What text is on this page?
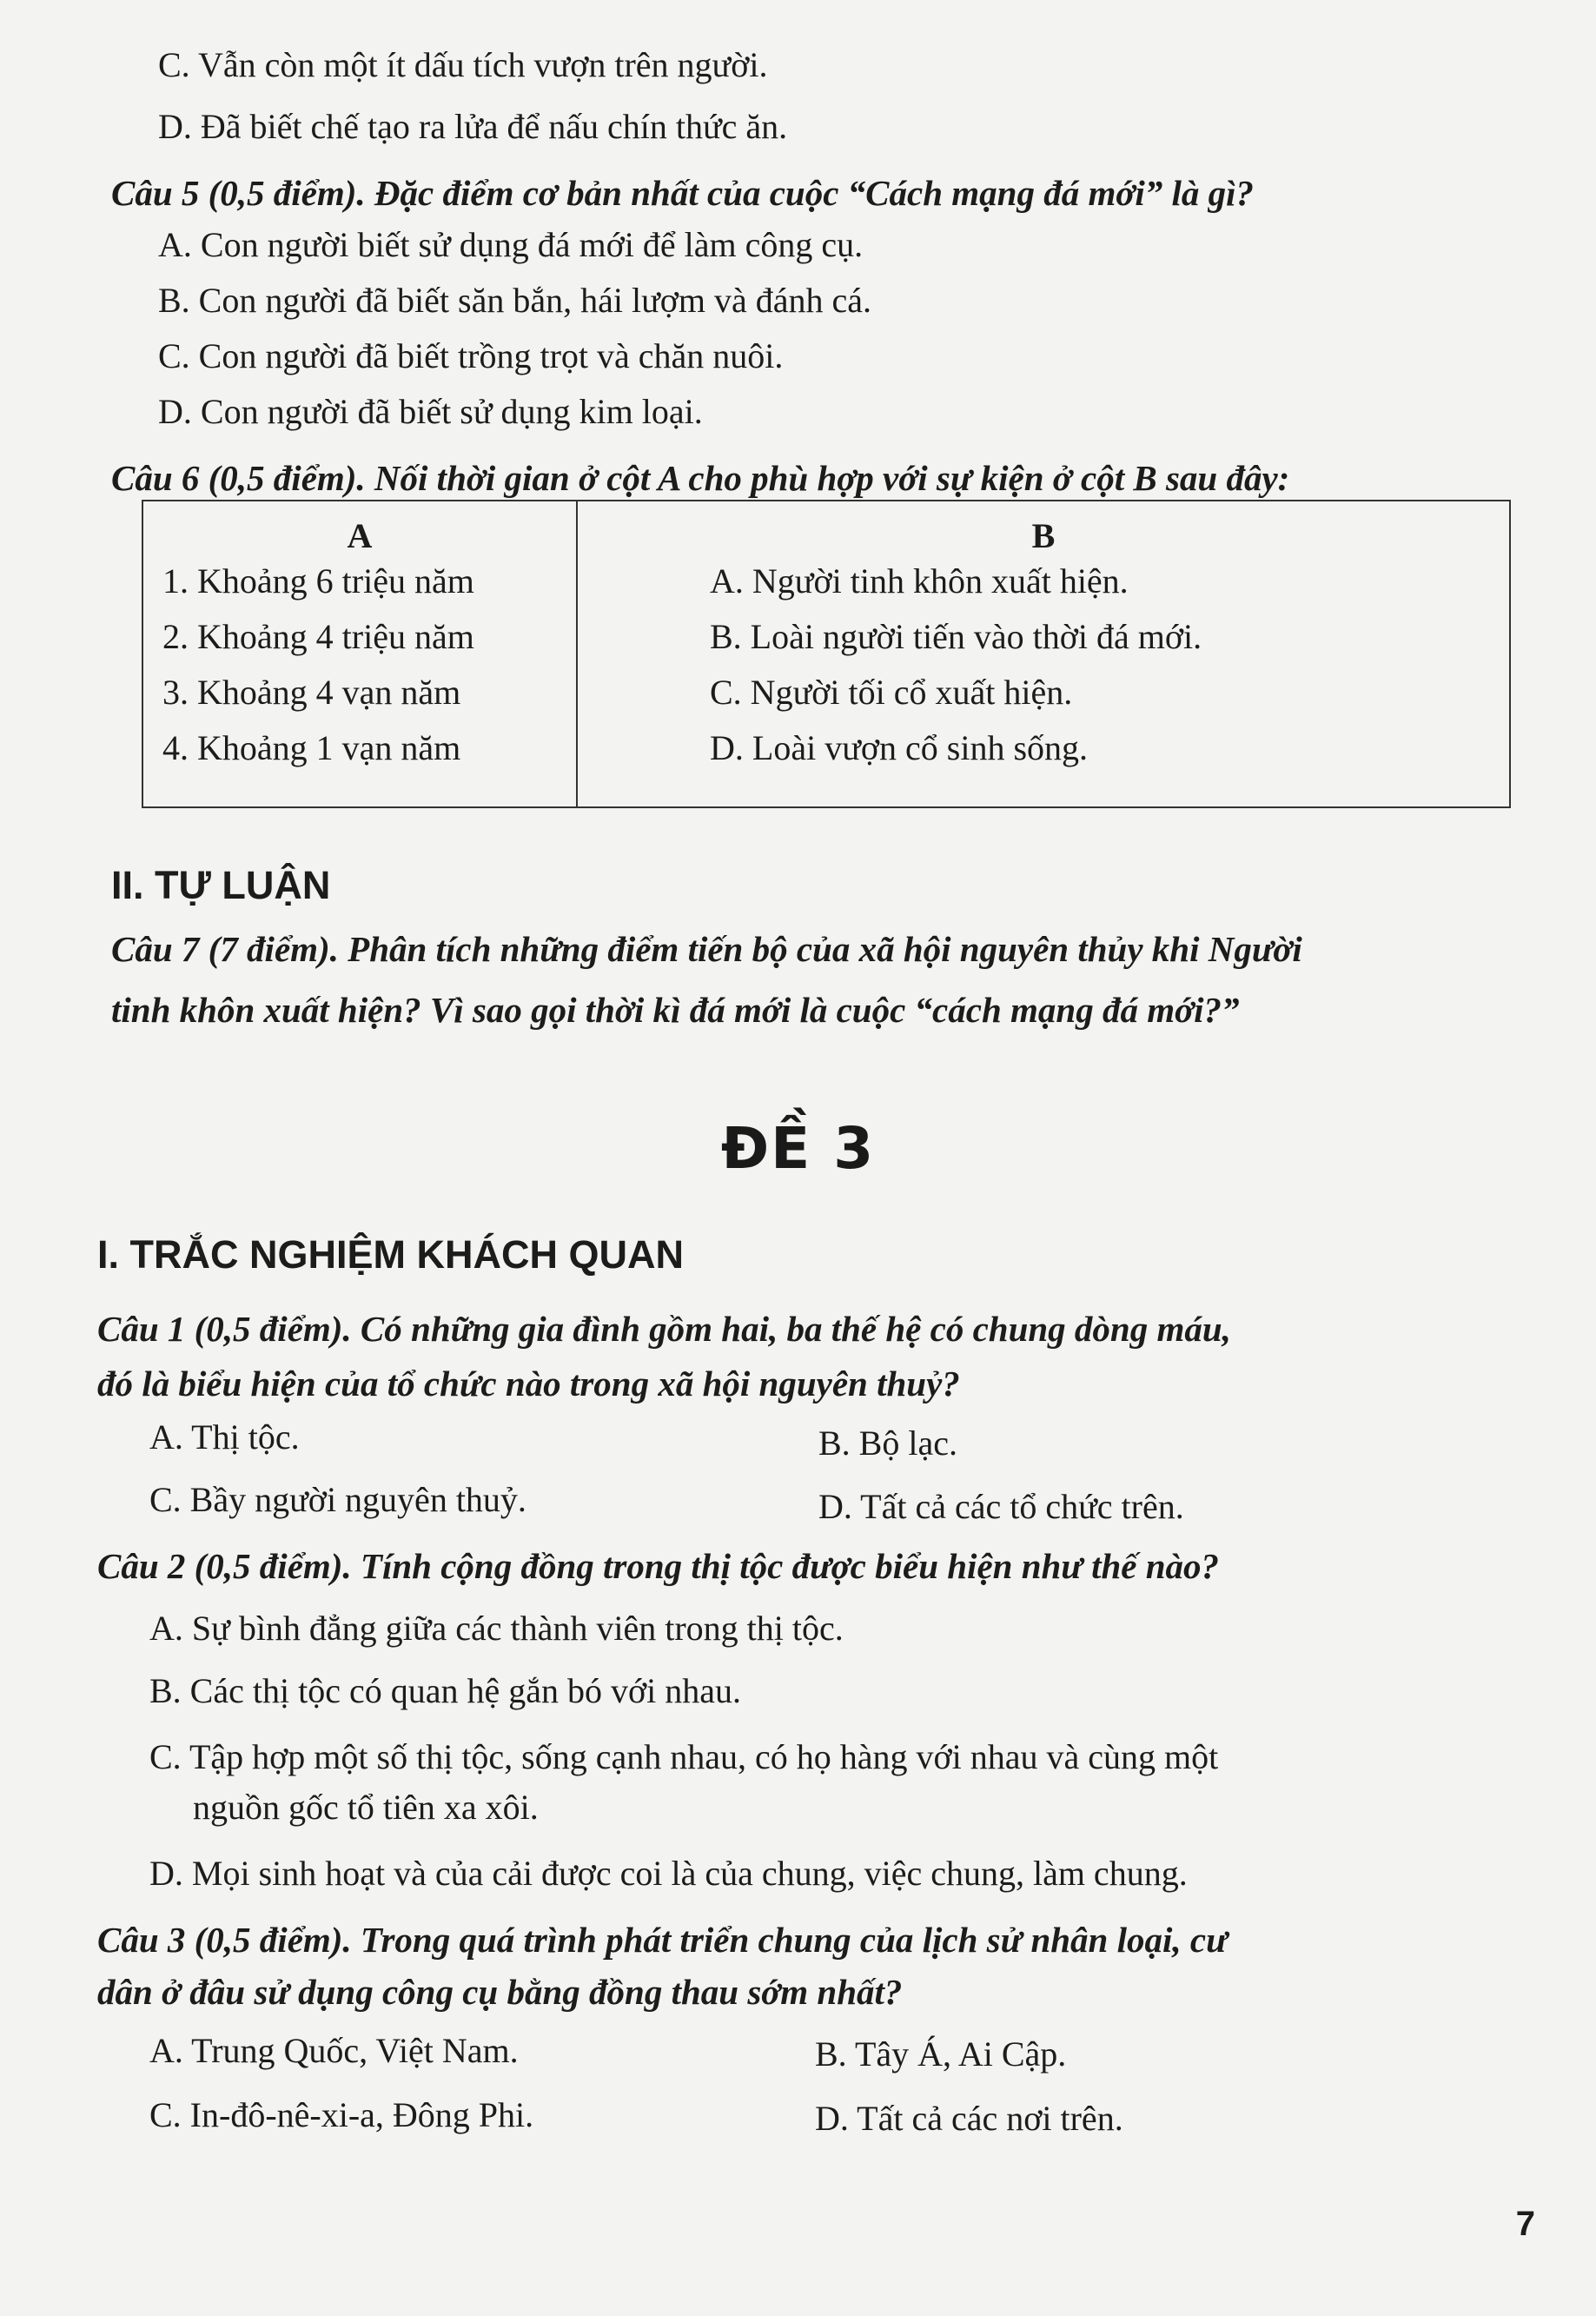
C. Vẫn còn một ít dấu tích vượn trên người.
D. Đã biết chế tạo ra lửa để nấu chín thức ăn.
Câu 5 (0,5 điểm). Đặc điểm cơ bản nhất của cuộc “Cách mạng đá mới” là gì?
A. Con người biết sử dụng đá mới để làm công cụ.
B. Con người đã biết săn bắn, hái lượm và đánh cá.
C. Con người đã biết trồng trọt và chăn nuôi.
D. Con người đã biết sử dụng kim loại.
Câu 6 (0,5 điểm). Nối thời gian ở cột A cho phù hợp với sự kiện ở cột B sau đây:
A
1. Khoảng 6 triệu năm
2. Khoảng 4 triệu năm
3. Khoảng 4 vạn năm
4. Khoảng 1 vạn năm

B
A. Người tinh khôn xuất hiện.
B. Loài người tiến vào thời đá mới.
C. Người tối cổ xuất hiện.
D. Loài vượn cổ sinh sống.
II. TỰ LUẬN
Câu 7 (7 điểm). Phân tích những điểm tiến bộ của xã hội nguyên thủy khi Người
tinh khôn xuất hiện? Vì sao gọi thời kì đá mới là cuộc “cách mạng đá mới?”
ĐỀ 3
I. TRẮC NGHIỆM KHÁCH QUAN
Câu 1 (0,5 điểm). Có những gia đình gồm hai, ba thế hệ có chung dòng máu,
đó là biểu hiện của tổ chức nào trong xã hội nguyên thuỷ?
A. Thị tộc.	B. Bộ lạc.
C. Bầy người nguyên thuỷ.	D. Tất cả các tổ chức trên.
Câu 2 (0,5 điểm). Tính cộng đồng trong thị tộc được biểu hiện như thế nào?
A. Sự bình đẳng giữa các thành viên trong thị tộc.
B. Các thị tộc có quan hệ gắn bó với nhau.
C. Tập hợp một số thị tộc, sống cạnh nhau, có họ hàng với nhau và cùng một
nguồn gốc tổ tiên xa xôi.
D. Mọi sinh hoạt và của cải được coi là của chung, việc chung, làm chung.
Câu 3 (0,5 điểm). Trong quá trình phát triển chung của lịch sử nhân loại, cư
dân ở đâu sử dụng công cụ bằng đồng thau sớm nhất?
A. Trung Quốc, Việt Nam.	B. Tây Á, Ai Cập.
C. In-đô-nê-xi-a, Đông Phi.	D. Tất cả các nơi trên.
7
